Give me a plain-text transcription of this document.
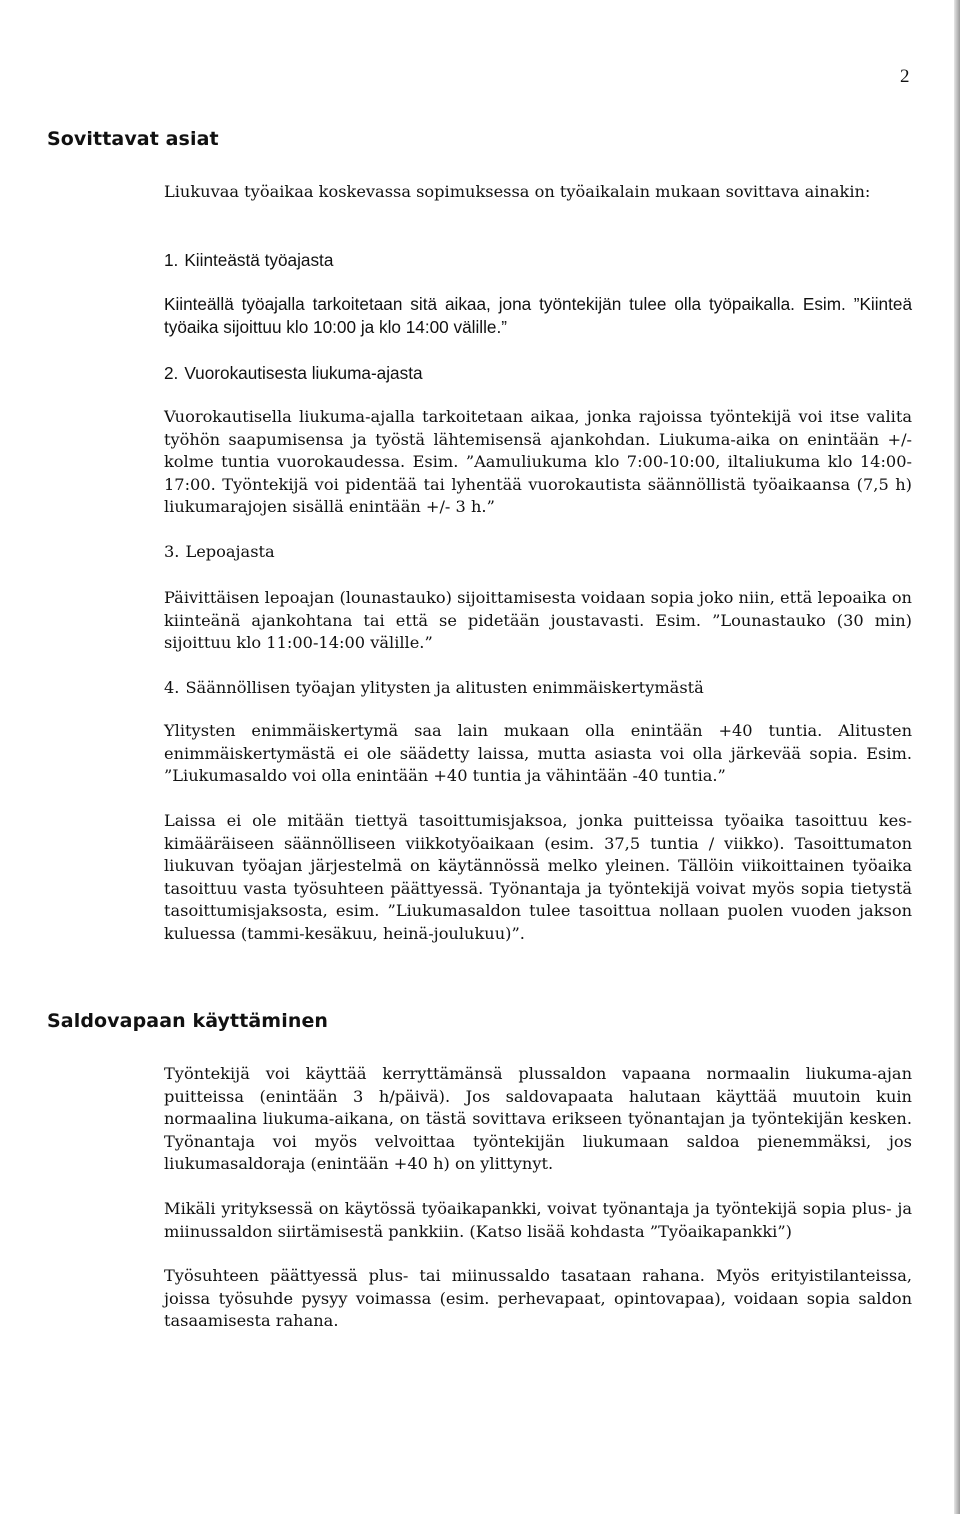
2
Sovittavat asiat

Liukuvaa työaikaa koskevassa sopimuksessa on työaikalain mukaan sovittava ainakin:

1. Kiinteästä työajasta

Kiinteällä työajalla tarkoitetaan sitä aikaa, jona työntekijän tulee olla työpaikalla. Esim. ”Kiinteä työaika sijoittuu klo 10:00 ja klo 14:00 välille.”

2. Vuorokautisesta liukuma-ajasta

Vuorokautisella liukuma-ajalla tarkoitetaan aikaa, jonka rajoissa työntekijä voi itse valita työhön saapumisensa ja työstä lähtemisensä ajankohdan. Liukuma-aika on enintään +/- kolme tuntia vuorokaudessa. Esim. ”Aamuliukuma klo 7:00-10:00, iltaliukuma klo 14:00-17:00. Työntekijä voi pidentää tai lyhentää vuorokautista säännöllistä työaikaansa (7,5 h) liukumarajojen sisällä enintään +/- 3 h.”

3. Lepoajasta

Päivittäisen lepoajan (lounastauko) sijoittamisesta voidaan sopia joko niin, että lepoaika on kiinteänä ajankohtana tai että se pidetään joustavasti. Esim. ”Lounastauko (30 min) sijoittuu klo 11:00-14:00 välille.”

4. Säännöllisen työajan ylitysten ja alitusten enimmäiskertymästä

Ylitysten enimmäiskertymä saa lain mukaan olla enintään +40 tuntia. Alitusten enimmäiskertymästä ei ole säädetty laissa, mutta asiasta voi olla järkevää sopia. Esim. ”Liukumasaldo voi olla enintään +40 tuntia ja vähintään -40 tuntia.”

Laissa ei ole mitään tiettyä tasoittumisjaksoa, jonka puitteissa työaika tasoittuu keskimääräiseen säännölliseen viikkotyöaikaan (esim. 37,5 tuntia / viikko). Tasoittumaton liukuvan työajan järjestelmä on käytännössä melko yleinen. Tällöin viikoittainen työaika tasoittuu vasta työsuhteen päättyessä. Työnantaja ja työntekijä voivat myös sopia tietystä tasoittumisjaksosta, esim. ”Liukumasaldon tulee tasoittua nollaan puolen vuoden jakson kuluessa (tammi-kesäkuu, heinä-joulukuu)”.

Saldovapaan käyttäminen

Työntekijä voi käyttää kerryttämänsä plussaldon vapaana normaalin liukuma-ajan puitteissa (enintään 3 h/päivä). Jos saldovapaata halutaan käyttää muutoin kuin normaalina liukuma-aikana, on tästä sovittava erikseen työnantajan ja työntekijän kesken. Työnantaja voi myös velvoittaa työntekijän liukumaan saldoa pienemmäksi, jos liukumasaldoraja (enintään +40 h) on ylittynyt.

Mikäli yrityksessä on käytössä työaikapankki, voivat työnantaja ja työntekijä sopia plus- ja miinussaldon siirtämisestä pankkiin. (Katso lisää kohdasta ”Työaikapankki”)

Työsuhteen päättyessä plus- tai miinussaldo tasataan rahana. Myös erityistilanteissa, joissa työsuhde pysyy voimassa (esim. perhevapaat, opintovapaa), voidaan sopia saldon tasaamisesta rahana.
